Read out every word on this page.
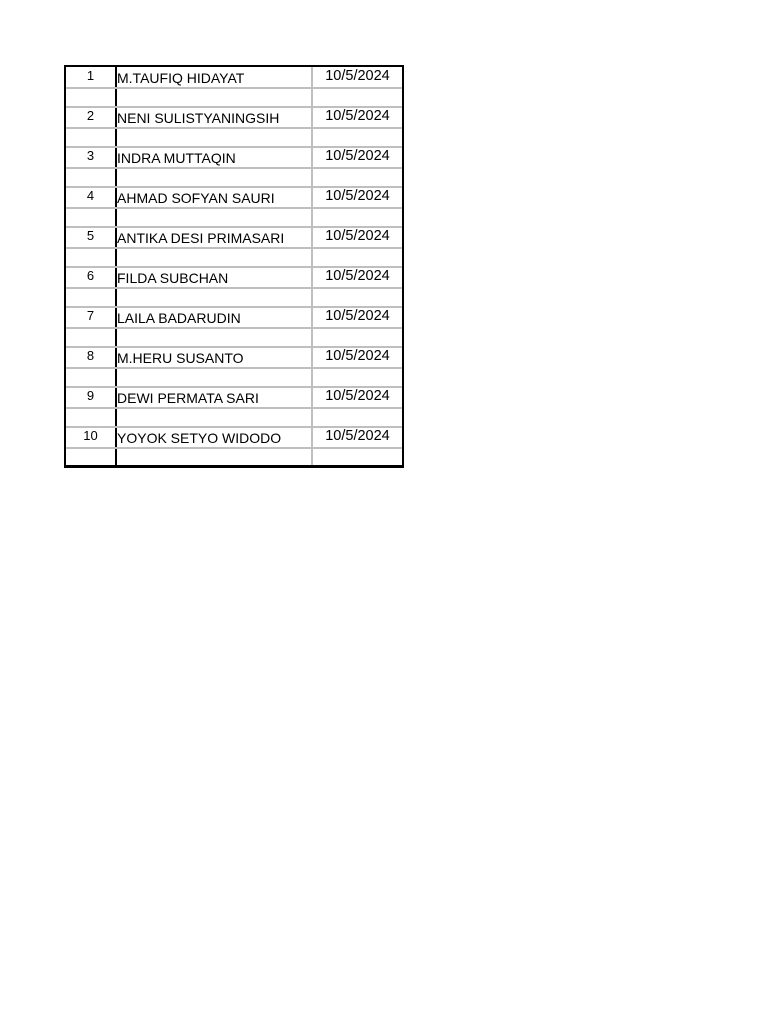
1	M.TAUFIQ HIDAYAT	10/5/2024
2	NENI SULISTYANINGSIH	10/5/2024
3	INDRA MUTTAQIN	10/5/2024
4	AHMAD SOFYAN SAURI	10/5/2024
5	ANTIKA DESI PRIMASARI	10/5/2024
6	FILDA SUBCHAN	10/5/2024
7	LAILA BADARUDIN	10/5/2024
8	M.HERU SUSANTO	10/5/2024
9	DEWI PERMATA SARI	10/5/2024
10	YOYOK SETYO WIDODO	10/5/2024
